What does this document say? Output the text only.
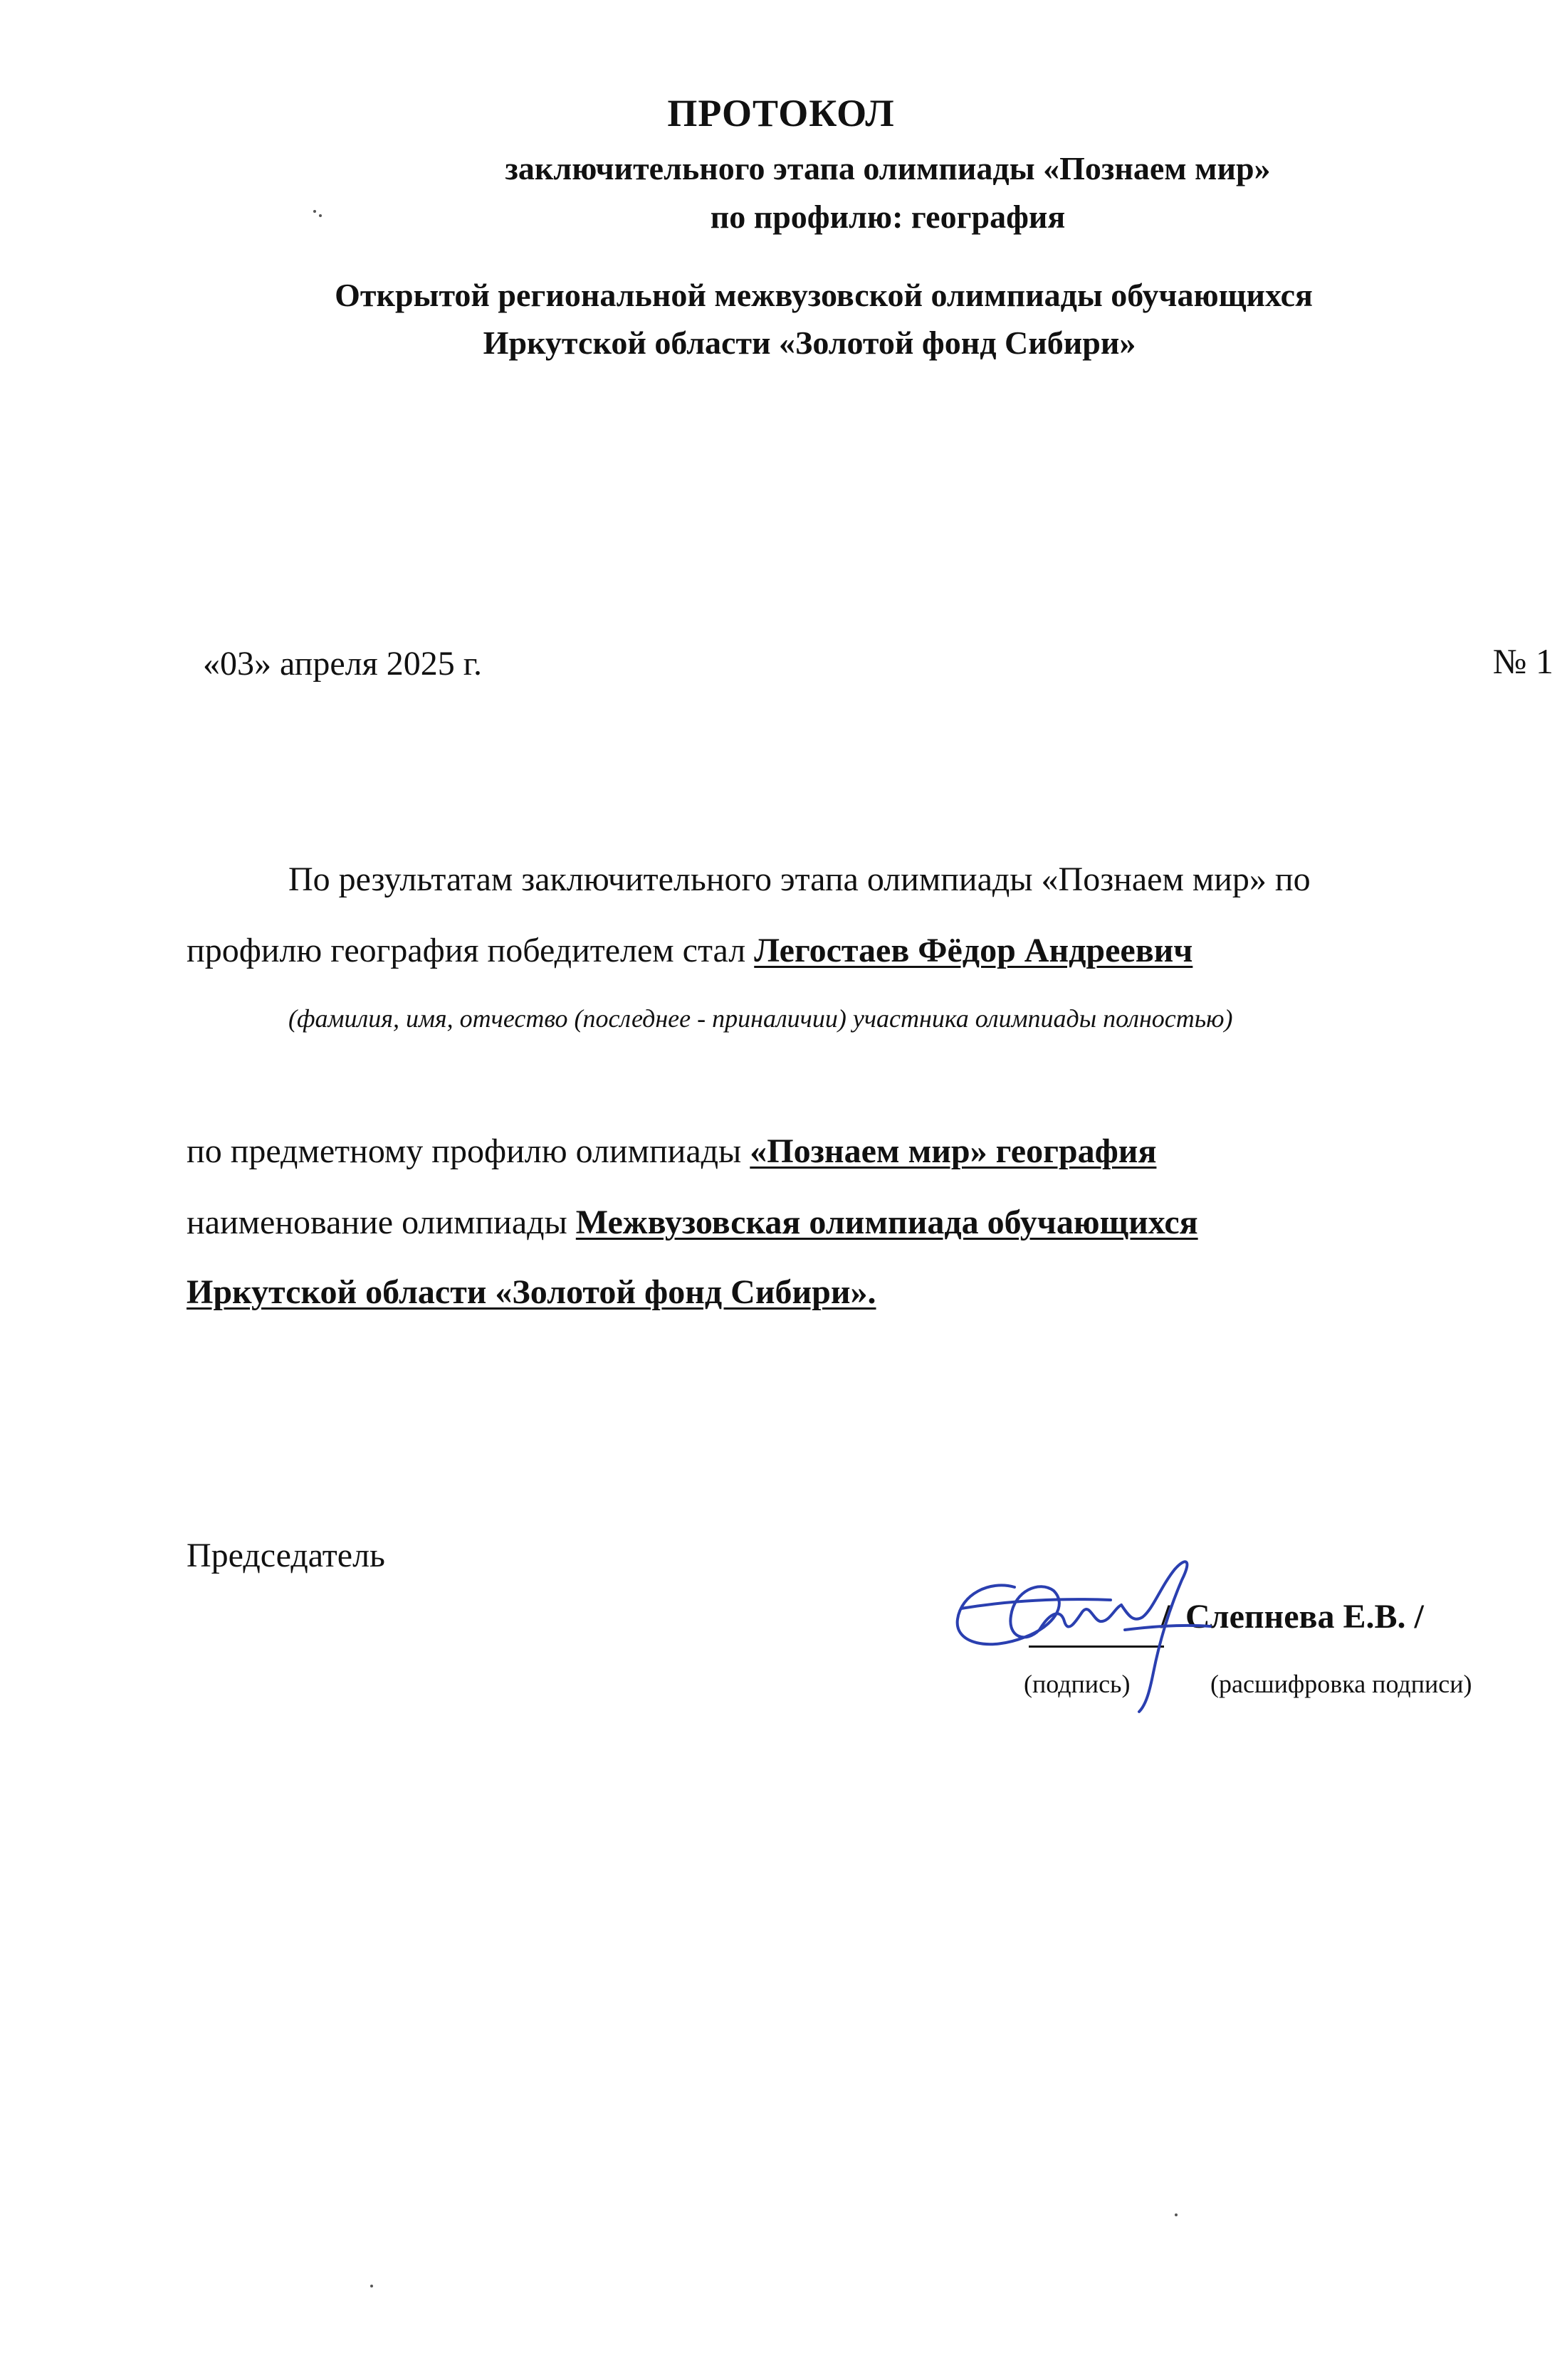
ПРОТОКОЛ
заключительного этапа олимпиады «Познаем мир»
по профилю: география
Открытой региональной межвузовской олимпиады обучающихся
Иркутской области «Золотой фонд Сибири»
«03» апреля 2025 г.	№ 1
По результатам заключительного этапа олимпиады «Познаем мир» по
профилю география победителем стал Легостаев Фёдор Андреевич
(фамилия, имя, отчество (последнее - приналичии) участника олимпиады полностью)
по предметному профилю олимпиады «Познаем мир» география
наименование олимпиады Межвузовская олимпиада обучающихся
Иркутской области «Золотой фонд Сибири».
Председатель
/ Слепнева Е.В. /
(подпись)	(расшифровка подписи)
